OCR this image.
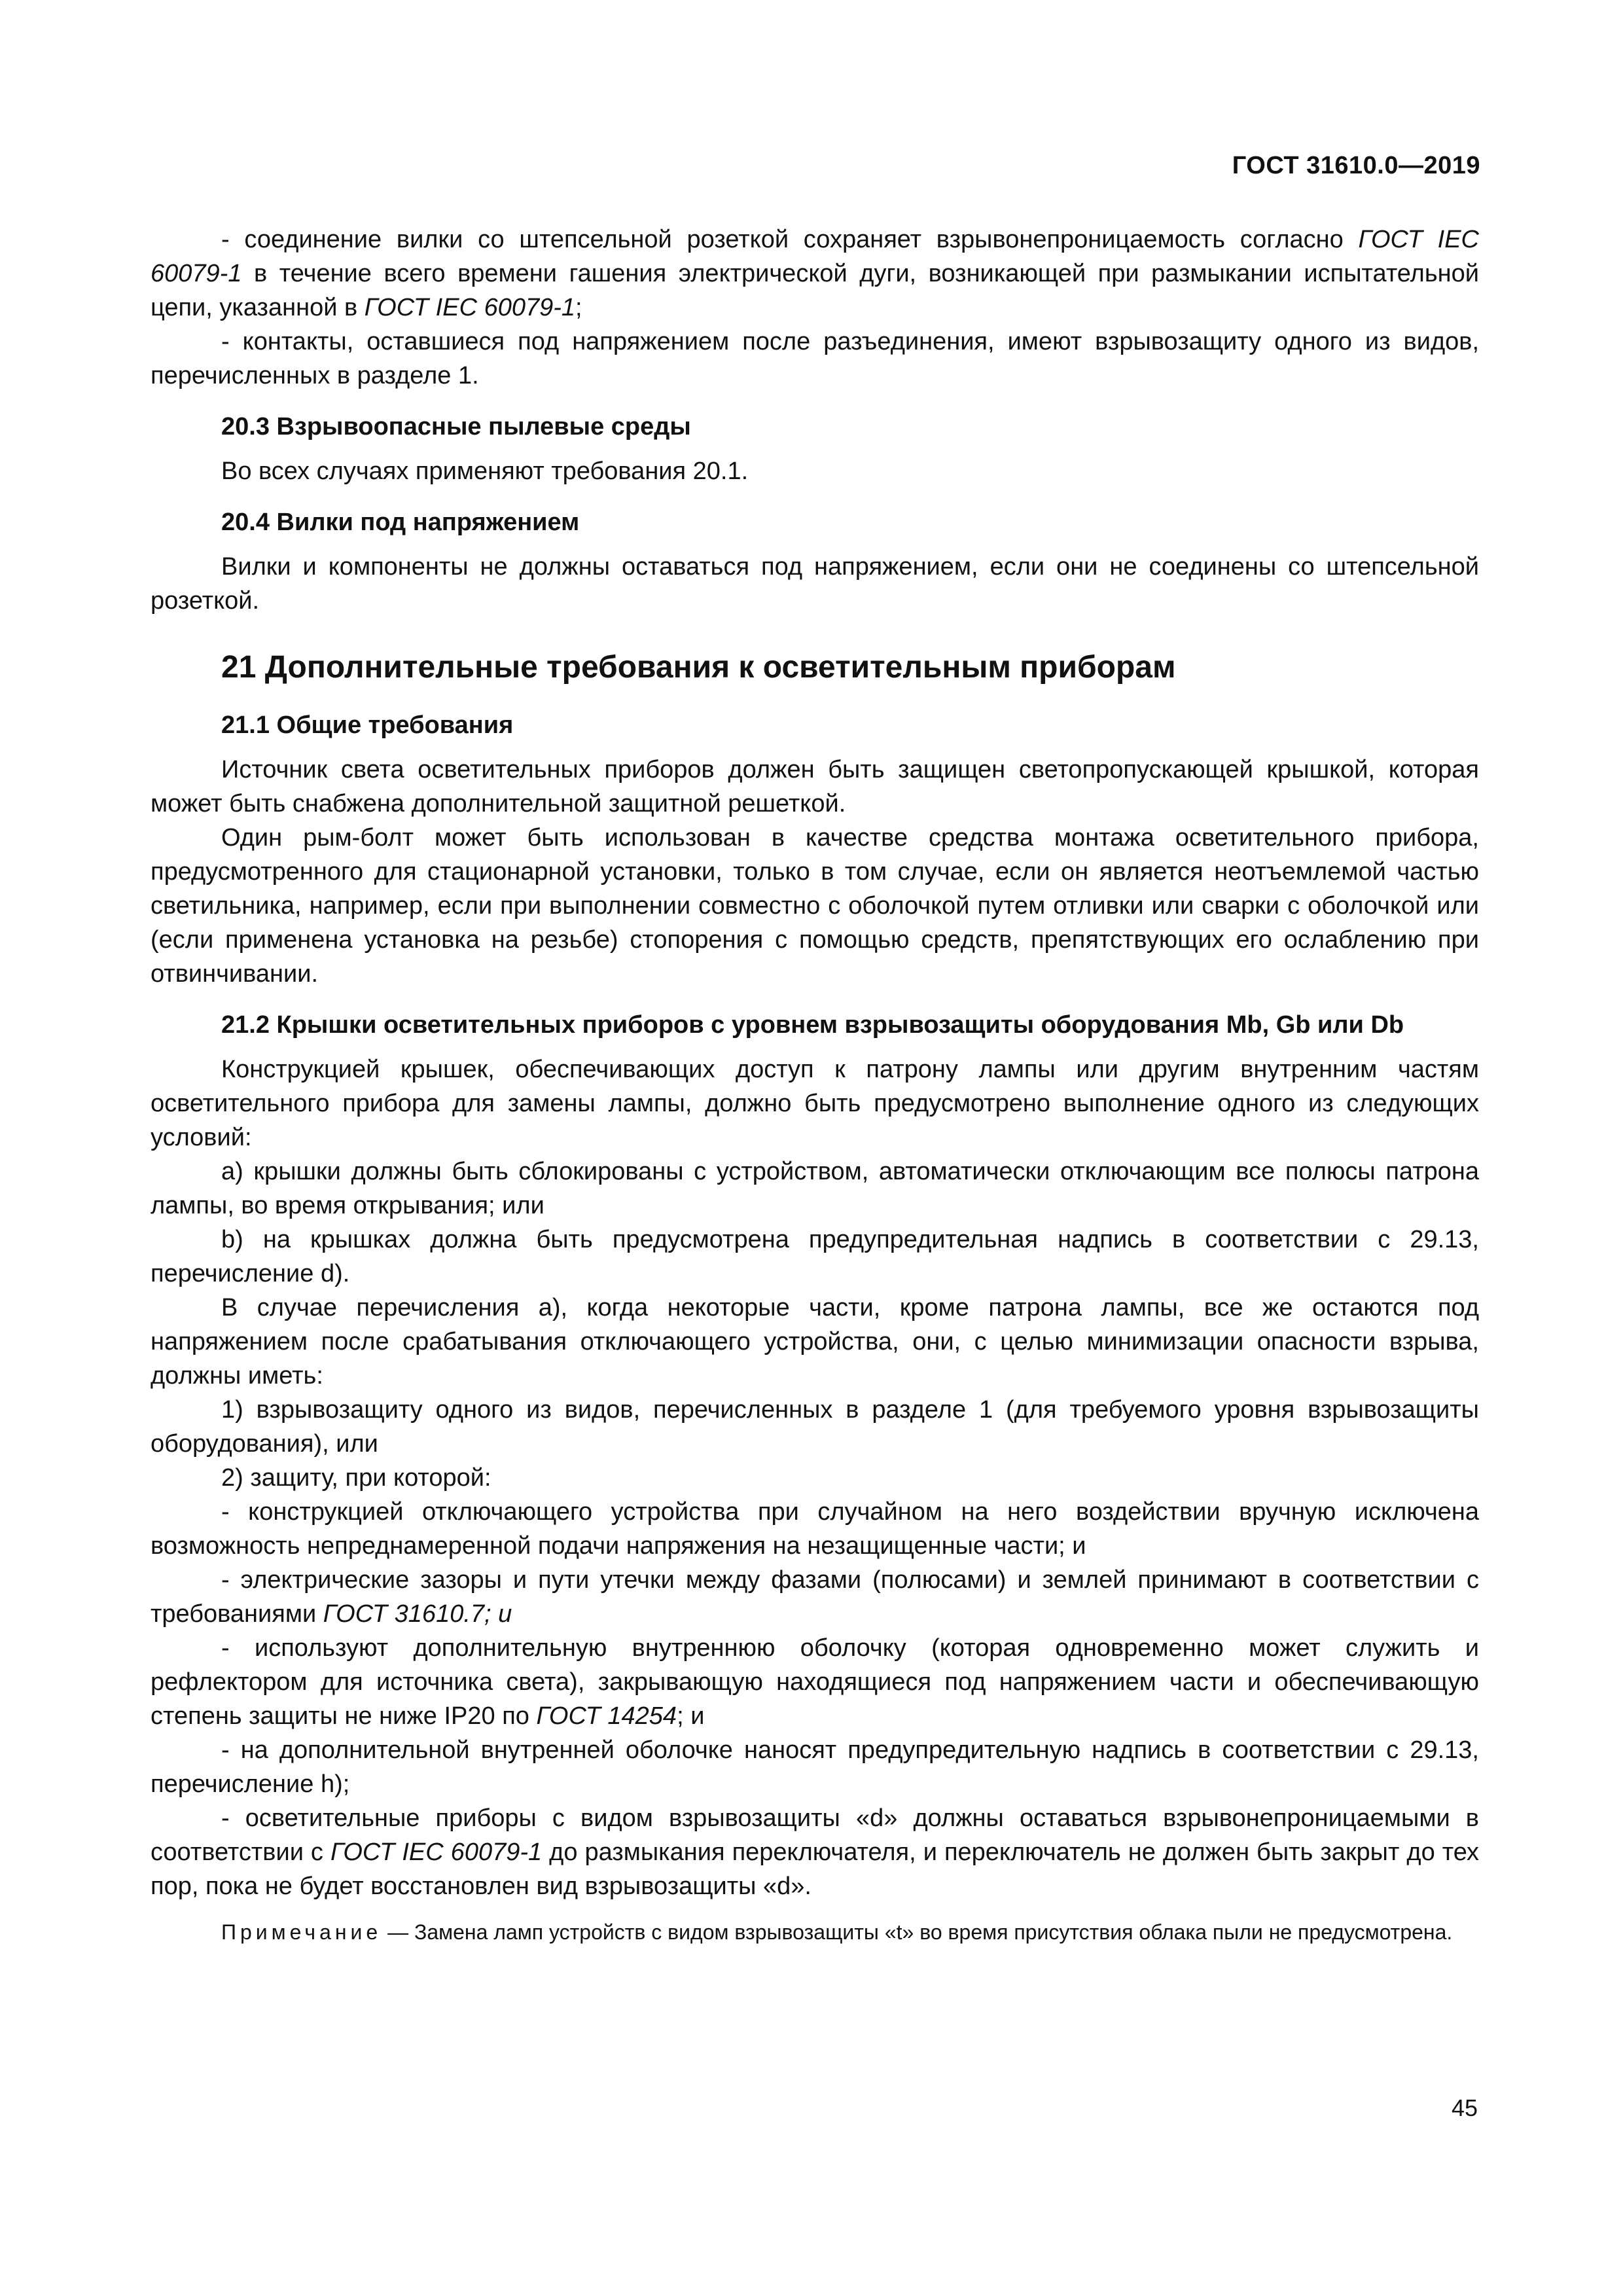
ГОСТ 31610.0—2019

- соединение вилки со штепсельной розеткой сохраняет взрывонепроницаемость согласно ГОСТ IEC 60079-1 в течение всего времени гашения электрической дуги, возникающей при размыкании испытательной цепи, указанной в ГОСТ IEC 60079-1;

- контакты, оставшиеся под напряжением после разъединения, имеют взрывозащиту одного из видов, перечисленных в разделе 1.

20.3 Взрывоопасные пылевые среды

Во всех случаях применяют требования 20.1.

20.4 Вилки под напряжением

Вилки и компоненты не должны оставаться под напряжением, если они не соединены со штепсельной розеткой.

21 Дополнительные требования к осветительным приборам
21.1 Общие требования

Источник света осветительных приборов должен быть защищен светопропускающей крышкой, которая может быть снабжена дополнительной защитной решеткой.

Один рым-болт может быть использован в качестве средства монтажа осветительного прибора, предусмотренного для стационарной установки, только в том случае, если он является неотъемлемой частью светильника, например, если при выполнении совместно с оболочкой путем отливки или сварки с оболочкой или (если применена установка на резьбе) стопорения с помощью средств, препятствующих его ослаблению при отвинчивании.

21.2 Крышки осветительных приборов с уровнем взрывозащиты оборудования Mb, Gb или Db

Конструкцией крышек, обеспечивающих доступ к патрону лампы или другим внутренним частям осветительного прибора для замены лампы, должно быть предусмотрено выполнение одного из следующих условий:

а) крышки должны быть сблокированы с устройством, автоматически отключающим все полюсы патрона лампы, во время открывания; или

b) на крышках должна быть предусмотрена предупредительная надпись в соответствии с 29.13, перечисление d).

В случае перечисления а), когда некоторые части, кроме патрона лампы, все же остаются под напряжением после срабатывания отключающего устройства, они, с целью минимизации опасности взрыва, должны иметь:

1) взрывозащиту одного из видов, перечисленных в разделе 1 (для требуемого уровня взрывозащиты оборудования), или

2) защиту, при которой:

- конструкцией отключающего устройства при случайном на него воздействии вручную исключена возможность непреднамеренной подачи напряжения на незащищенные части; и

- электрические зазоры и пути утечки между фазами (полюсами) и землей принимают в соответствии с требованиями ГОСТ 31610.7; и

- используют дополнительную внутреннюю оболочку (которая одновременно может служить и рефлектором для источника света), закрывающую находящиеся под напряжением части и обеспечивающую степень защиты не ниже IP20 по ГОСТ 14254; и

- на дополнительной внутренней оболочке наносят предупредительную надпись в соответствии с 29.13, перечисление h);

- осветительные приборы с видом взрывозащиты «d» должны оставаться взрывонепроницаемыми в соответствии с ГОСТ IEC 60079-1 до размыкания переключателя, и переключатель не должен быть закрыт до тех пор, пока не будет восстановлен вид взрывозащиты «d».

Примечание — Замена ламп устройств с видом взрывозащиты «t» во время присутствия облака пыли не предусмотрена.

45
